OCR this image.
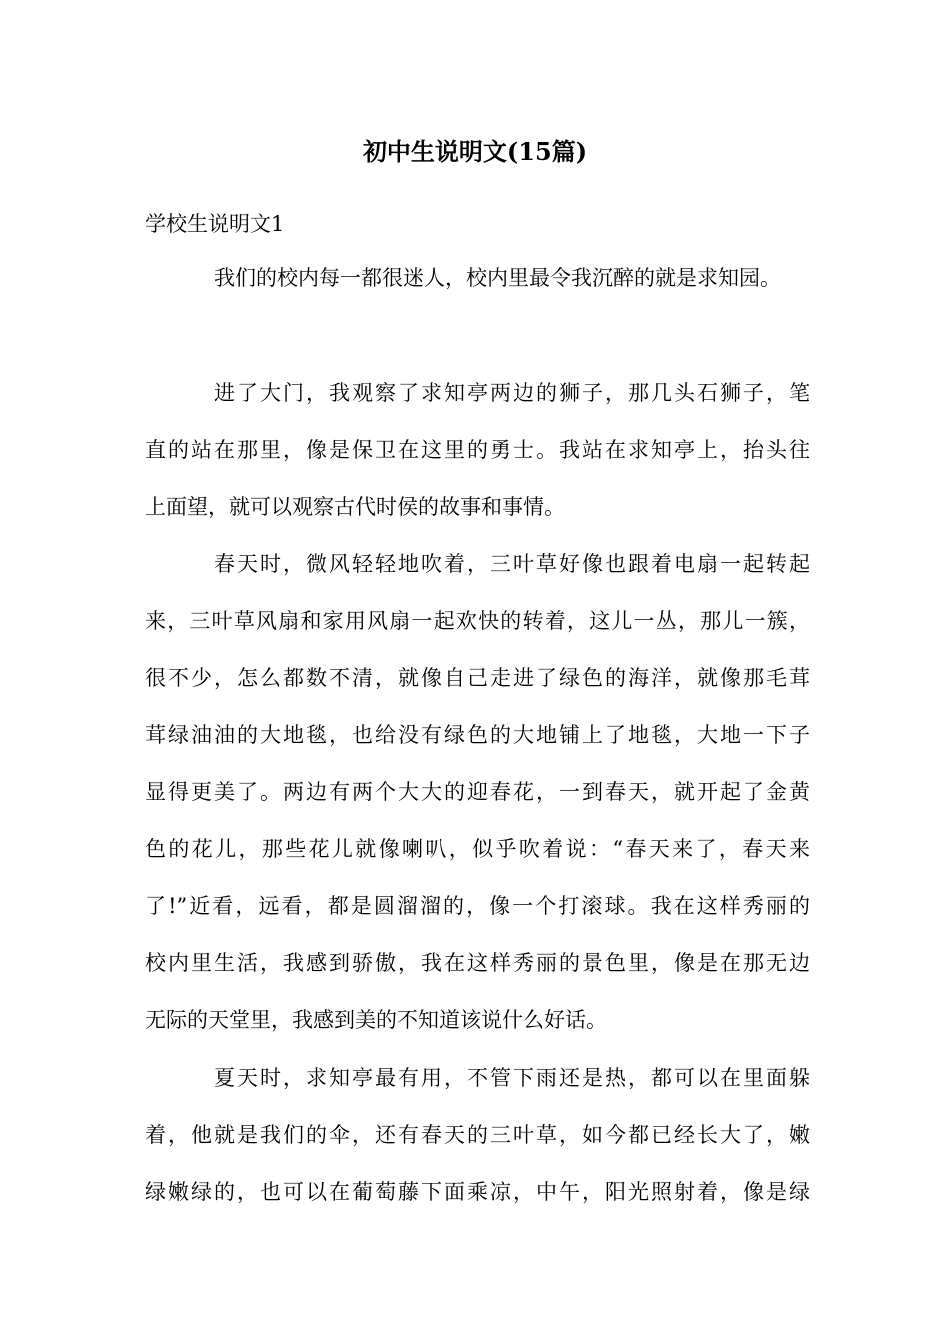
初中生说明文(15篇)
学校生说明文1
我们的校内每一都很迷人，校内里最令我沉醉的就是求知园。
进了大门，我观察了求知亭两边的狮子，那几头石狮子，笔
直的站在那里，像是保卫在这里的勇士。我站在求知亭上，抬头往
上面望，就可以观察古代时侯的故事和事情。
春天时，微风轻轻地吹着，三叶草好像也跟着电扇一起转起
来，三叶草风扇和家用风扇一起欢快的转着，这儿一丛，那儿一簇，
很不少，怎么都数不清，就像自己走进了绿色的海洋，就像那毛茸
茸绿油油的大地毯，也给没有绿色的大地铺上了地毯，大地一下子
显得更美了。两边有两个大大的迎春花，一到春天，就开起了金黄
色的花儿，那些花儿就像喇叭，似乎吹着说：“春天来了，春天来
了!”近看，远看，都是圆溜溜的，像一个打滚球。我在这样秀丽的
校内里生活，我感到骄傲，我在这样秀丽的景色里，像是在那无边
无际的天堂里，我感到美的不知道该说什么好话。
夏天时，求知亭最有用，不管下雨还是热，都可以在里面躲
着，他就是我们的伞，还有春天的三叶草，如今都已经长大了，嫩
绿嫩绿的，也可以在葡萄藤下面乘凉，中午，阳光照射着，像是绿
